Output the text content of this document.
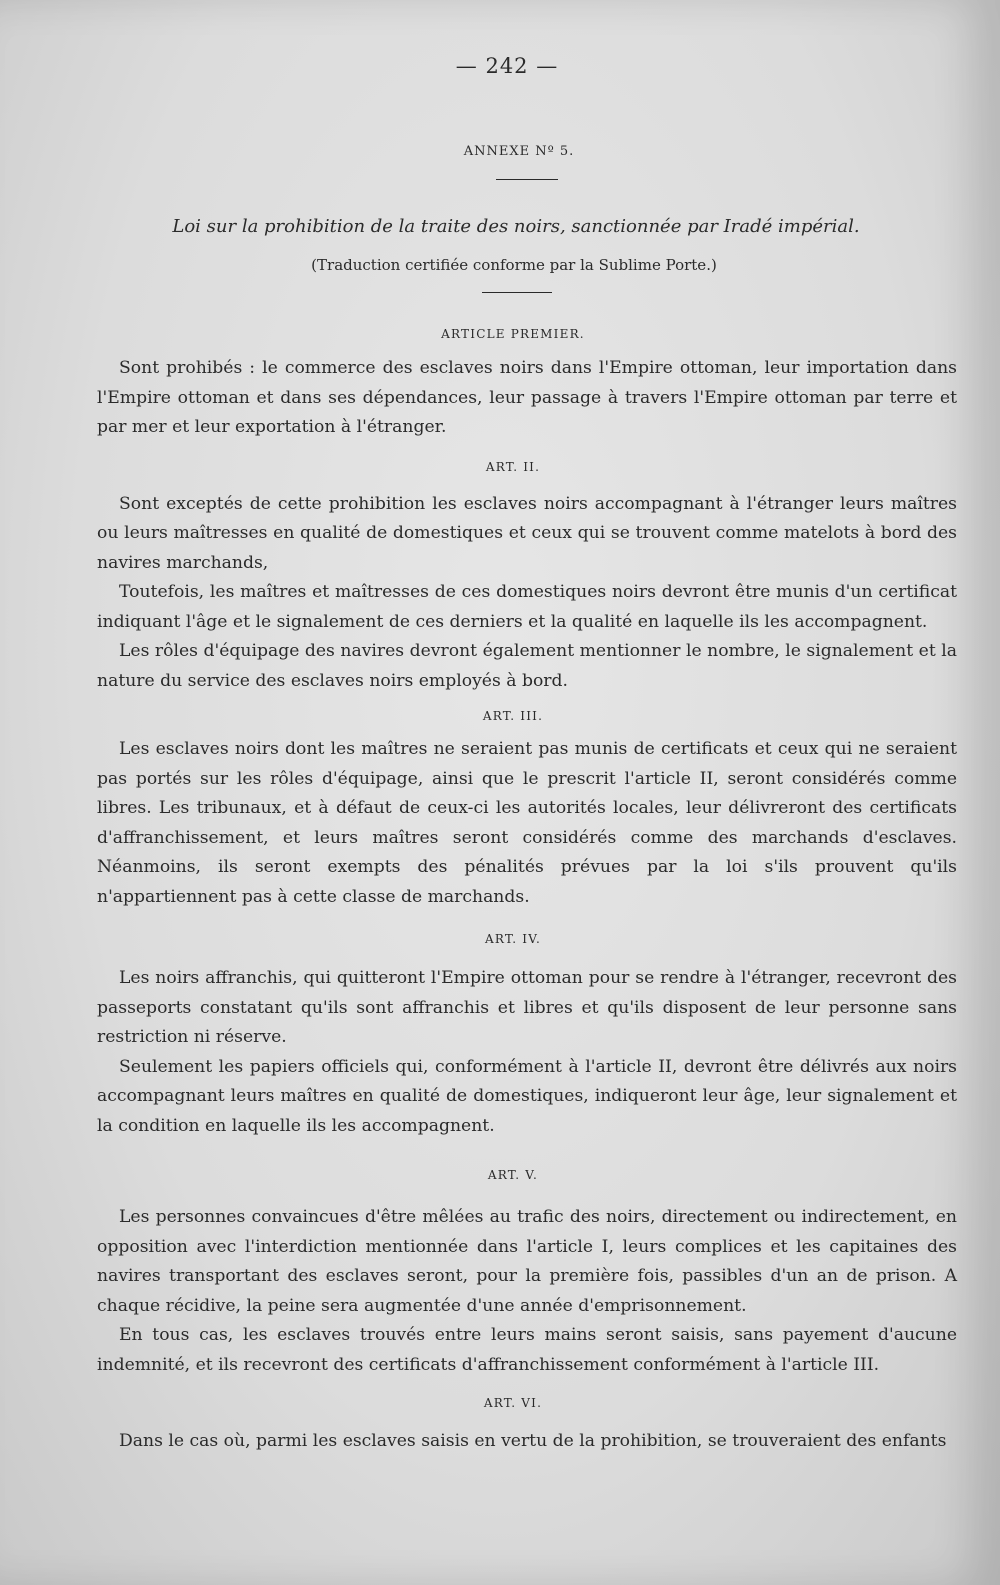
— 242 —
ANNEXE Nº 5.
Loi sur la prohibition de la traite des noirs, sanctionnée par Iradé impérial.
(Traduction certifiée conforme par la Sublime Porte.)
ARTICLE PREMIER.

Sont prohibés : le commerce des esclaves noirs dans l'Empire ottoman, leur importation dans l'Empire ottoman et dans ses dépendances, leur passage à travers l'Empire ottoman par terre et par mer et leur exportation à l'étranger.

ART. II.

Sont exceptés de cette prohibition les esclaves noirs accompagnant à l'étranger leurs maîtres ou leurs maîtresses en qualité de domestiques et ceux qui se trouvent comme matelots à bord des navires marchands,

Toutefois, les maîtres et maîtresses de ces domestiques noirs devront être munis d'un certificat indiquant l'âge et le signalement de ces derniers et la qualité en laquelle ils les accompagnent.

Les rôles d'équipage des navires devront également mentionner le nombre, le signalement et la nature du service des esclaves noirs employés à bord.

ART. III.

Les esclaves noirs dont les maîtres ne seraient pas munis de certificats et ceux qui ne seraient pas portés sur les rôles d'équipage, ainsi que le prescrit l'article II, seront considérés comme libres. Les tribunaux, et à défaut de ceux-ci les autorités locales, leur délivreront des certificats d'affranchissement, et leurs maîtres seront considérés comme des marchands d'esclaves. Néanmoins, ils seront exempts des pénalités prévues par la loi s'ils prouvent qu'ils n'appartiennent pas à cette classe de marchands.

ART. IV.

Les noirs affranchis, qui quitteront l'Empire ottoman pour se rendre à l'étranger, recevront des passeports constatant qu'ils sont affranchis et libres et qu'ils disposent de leur personne sans restriction ni réserve.

Seulement les papiers officiels qui, conformément à l'article II, devront être délivrés aux noirs accompagnant leurs maîtres en qualité de domestiques, indiqueront leur âge, leur signalement et la condition en laquelle ils les accompagnent.

ART. V.

Les personnes convaincues d'être mêlées au trafic des noirs, directement ou indirectement, en opposition avec l'interdiction mentionnée dans l'article I, leurs complices et les capitaines des navires transportant des esclaves seront, pour la première fois, passibles d'un an de prison. A chaque récidive, la peine sera augmentée d'une année d'emprisonnement.

En tous cas, les esclaves trouvés entre leurs mains seront saisis, sans payement d'aucune indemnité, et ils recevront des certificats d'affranchissement conformément à l'article III.

ART. VI.

Dans le cas où, parmi les esclaves saisis en vertu de la prohibition, se trouveraient des enfants
